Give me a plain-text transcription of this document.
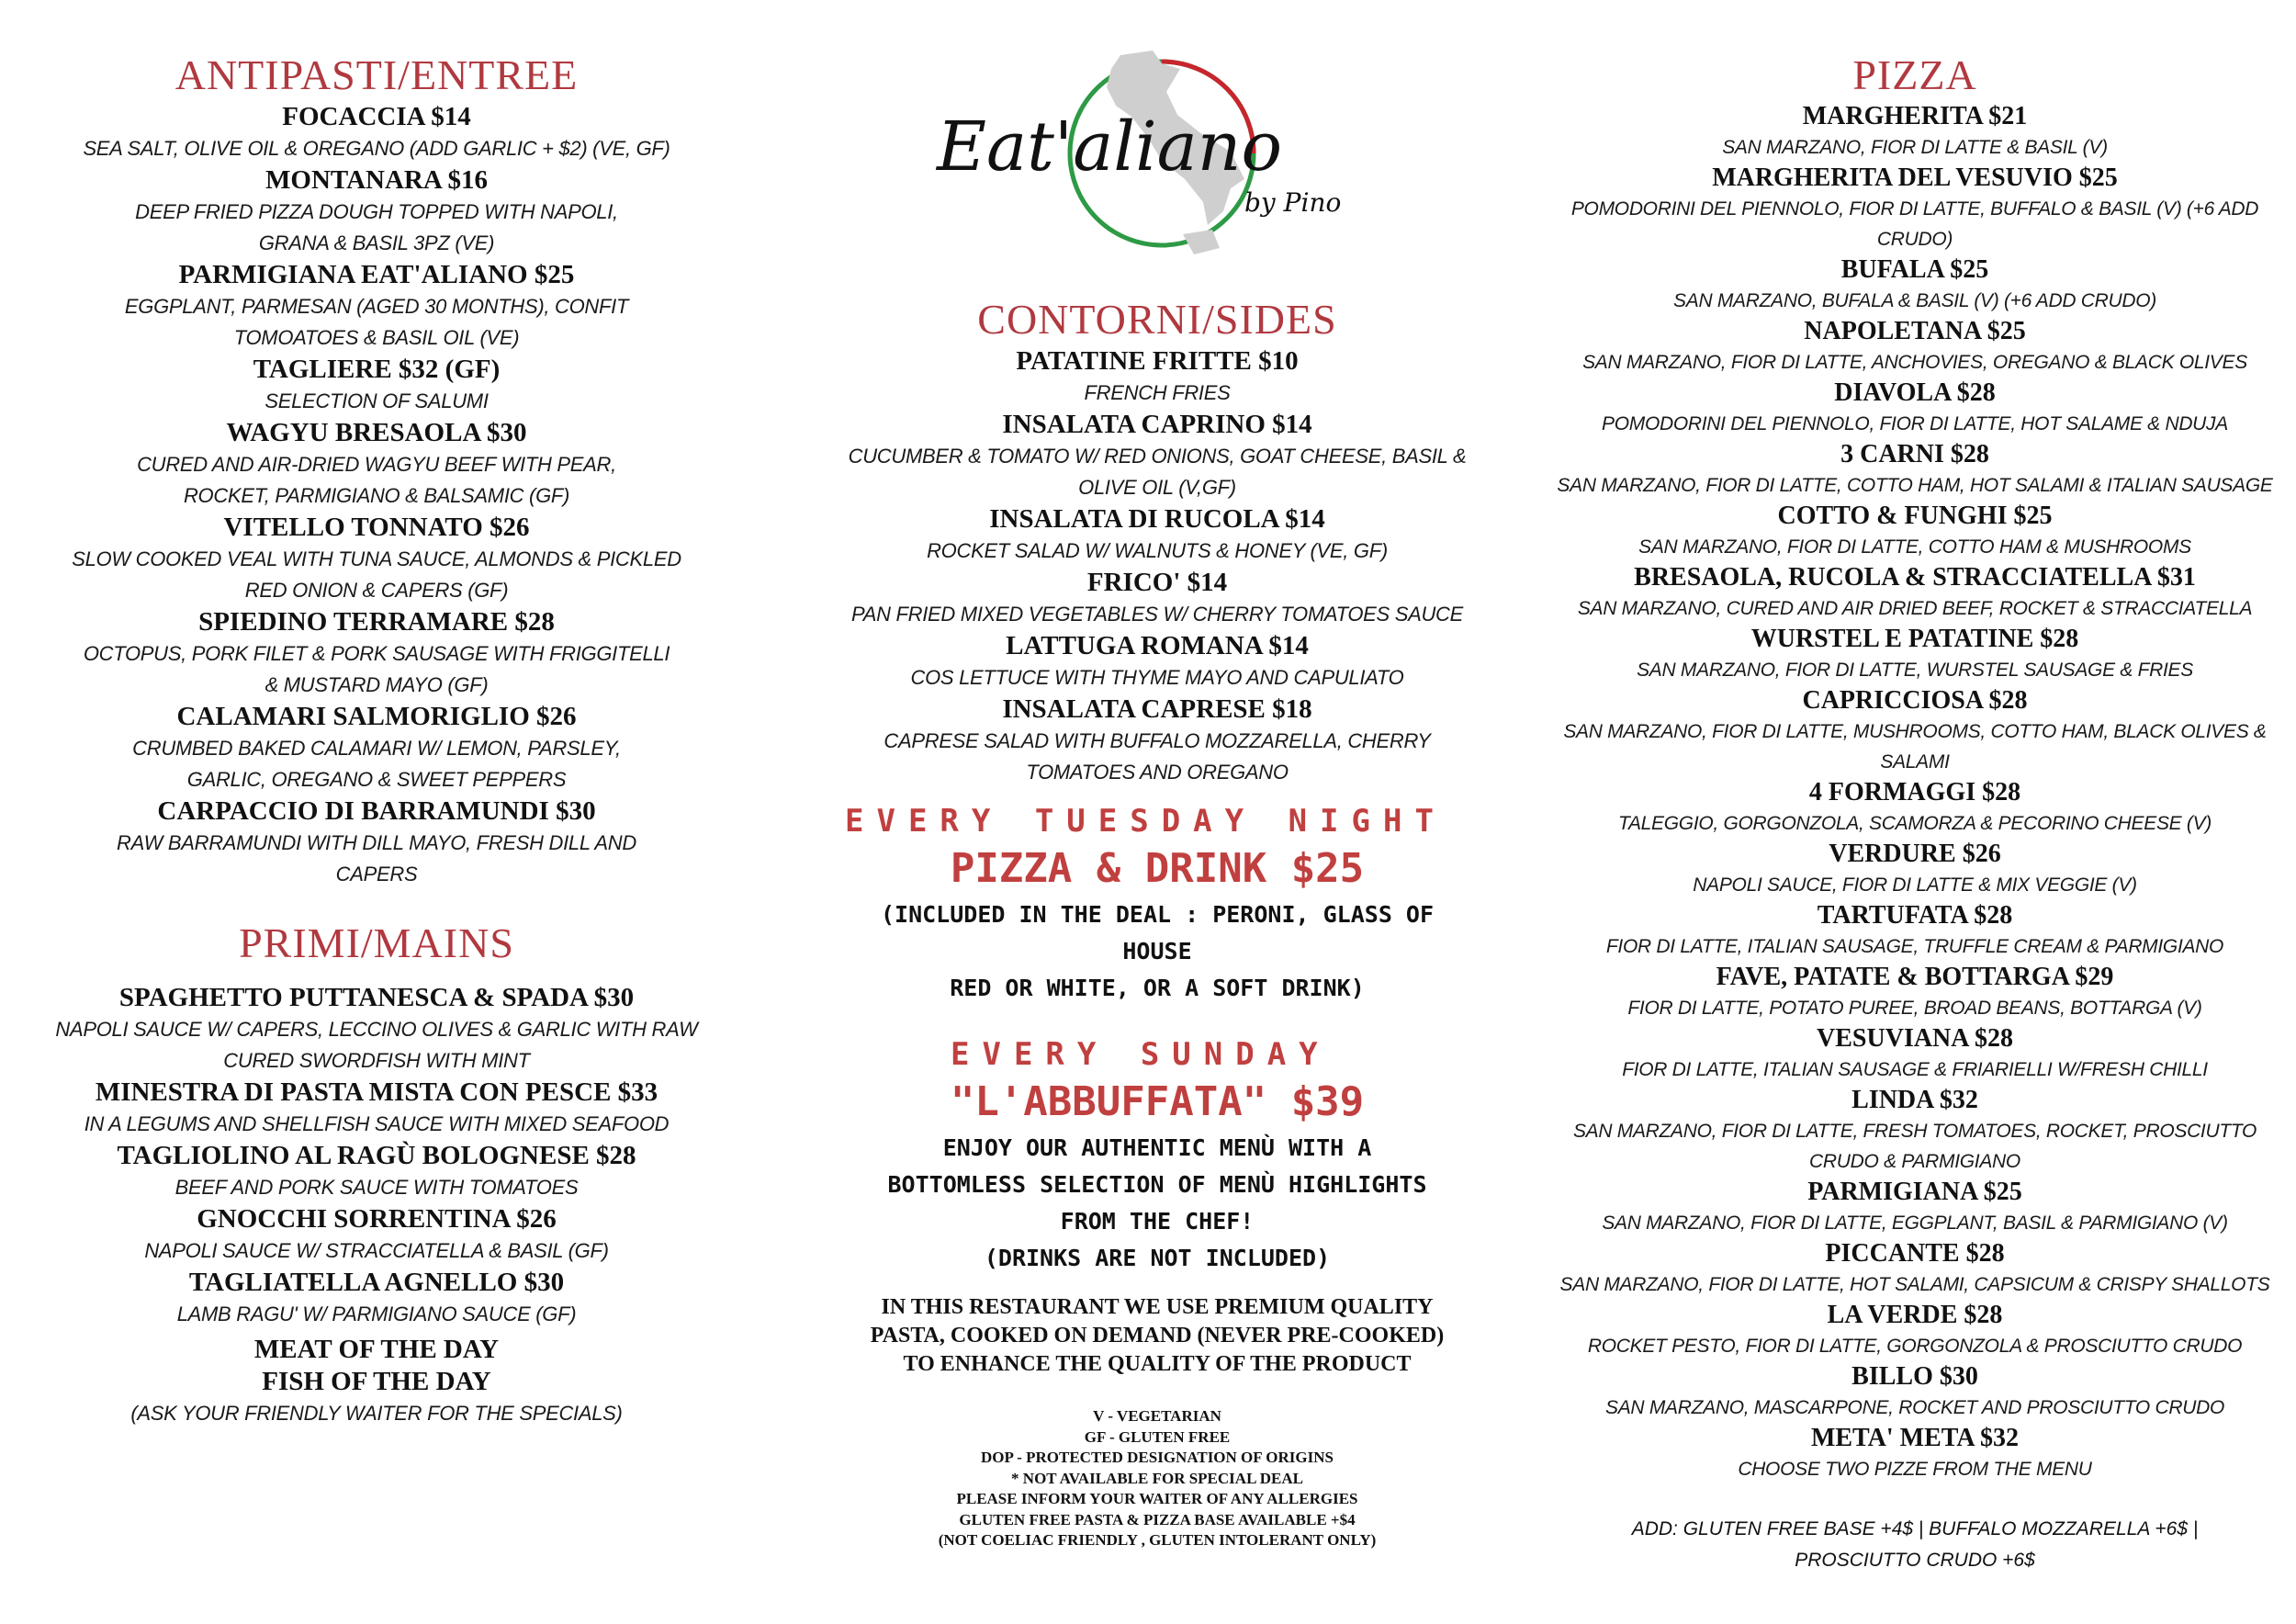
ANTIPASTI/ENTREE

FOCACCIA $14

SEA SALT, OLIVE OIL & OREGANO (ADD GARLIC + $2) (VE, GF)

MONTANARA $16

DEEP FRIED PIZZA DOUGH TOPPED WITH NAPOLI,

GRANA & BASIL 3PZ (VE)

PARMIGIANA EAT'ALIANO $25

EGGPLANT, PARMESAN (AGED 30 MONTHS), CONFIT

TOMOATOES & BASIL OIL (VE)

TAGLIERE $32 (GF)

SELECTION OF SALUMI

WAGYU BRESAOLA $30

CURED AND AIR-DRIED WAGYU BEEF WITH PEAR,

ROCKET, PARMIGIANO & BALSAMIC (GF)

VITELLO TONNATO $26

SLOW COOKED VEAL WITH TUNA SAUCE, ALMONDS & PICKLED

RED ONION & CAPERS (GF)

SPIEDINO TERRAMARE $28

OCTOPUS, PORK FILET & PORK SAUSAGE WITH FRIGGITELLI

& MUSTARD MAYO (GF)

CALAMARI SALMORIGLIO $26

CRUMBED BAKED CALAMARI W/ LEMON, PARSLEY,

GARLIC, OREGANO & SWEET PEPPERS

CARPACCIO DI BARRAMUNDI $30

RAW BARRAMUNDI WITH DILL MAYO, FRESH DILL AND

CAPERS

PRIMI/MAINS

SPAGHETTO PUTTANESCA & SPADA $30

NAPOLI SAUCE W/ CAPERS, LECCINO OLIVES & GARLIC WITH RAW

CURED SWORDFISH WITH MINT

MINESTRA DI PASTA MISTA CON PESCE $33

IN A LEGUMS AND SHELLFISH SAUCE WITH MIXED SEAFOOD

TAGLIOLINO AL RAGÙ BOLOGNESE $28

BEEF AND PORK SAUCE WITH TOMATOES

GNOCCHI SORRENTINA $26

NAPOLI SAUCE W/ STRACCIATELLA & BASIL (GF)

TAGLIATELLA AGNELLO $30

LAMB RAGU' W/ PARMIGIANO SAUCE (GF)

MEAT OF THE DAY

FISH OF THE DAY

(ASK YOUR FRIENDLY WAITER FOR THE SPECIALS)

Eat'aliano
by Pino
CONTORNI/SIDES

PATATINE FRITTE $10

FRENCH FRIES

INSALATA CAPRINO $14

CUCUMBER & TOMATO W/ RED ONIONS, GOAT CHEESE, BASIL &

OLIVE OIL (V,GF)

INSALATA DI RUCOLA $14

ROCKET SALAD W/ WALNUTS & HONEY (VE, GF)

FRICO' $14

PAN FRIED MIXED VEGETABLES W/ CHERRY TOMATOES SAUCE

LATTUGA ROMANA $14

COS LETTUCE WITH THYME MAYO AND CAPULIATO

INSALATA CAPRESE $18

CAPRESE SALAD WITH BUFFALO MOZZARELLA, CHERRY

TOMATOES AND OREGANO

EVERY TUESDAY NIGHT

PIZZA & DRINK $25

(INCLUDED IN THE DEAL : PERONI, GLASS OF

HOUSE

RED OR WHITE, OR A SOFT DRINK)

EVERY SUNDAY

"L'ABBUFFATA" $39

ENJOY OUR AUTHENTIC MENÙ WITH A

BOTTOMLESS SELECTION OF MENÙ HIGHLIGHTS

FROM THE CHEF!

(DRINKS ARE NOT INCLUDED)

IN THIS RESTAURANT WE USE PREMIUM QUALITY

PASTA, COOKED ON DEMAND (NEVER PRE-COOKED)

TO ENHANCE THE QUALITY OF THE PRODUCT

V - VEGETARIAN

GF - GLUTEN FREE

DOP - PROTECTED DESIGNATION OF ORIGINS

* NOT AVAILABLE FOR SPECIAL DEAL

PLEASE INFORM YOUR WAITER OF ANY ALLERGIES

GLUTEN FREE PASTA & PIZZA BASE AVAILABLE +$4

(NOT COELIAC FRIENDLY , GLUTEN INTOLERANT ONLY)

PIZZA

MARGHERITA $21

SAN MARZANO, FIOR DI LATTE & BASIL (V)

MARGHERITA DEL VESUVIO $25

POMODORINI DEL PIENNOLO, FIOR DI LATTE, BUFFALO & BASIL (V) (+6 ADD

CRUDO)

BUFALA $25

SAN MARZANO, BUFALA & BASIL (V) (+6 ADD CRUDO)

NAPOLETANA $25

SAN MARZANO, FIOR DI LATTE, ANCHOVIES, OREGANO & BLACK OLIVES

DIAVOLA $28

POMODORINI DEL PIENNOLO, FIOR DI LATTE, HOT SALAME & NDUJA

3 CARNI $28

SAN MARZANO, FIOR DI LATTE, COTTO HAM, HOT SALAMI & ITALIAN SAUSAGE

COTTO & FUNGHI $25

SAN MARZANO, FIOR DI LATTE, COTTO HAM & MUSHROOMS

BRESAOLA, RUCOLA & STRACCIATELLA $31

SAN MARZANO, CURED AND AIR DRIED BEEF, ROCKET & STRACCIATELLA

WURSTEL E PATATINE $28

SAN MARZANO, FIOR DI LATTE, WURSTEL SAUSAGE & FRIES

CAPRICCIOSA $28

SAN MARZANO, FIOR DI LATTE, MUSHROOMS, COTTO HAM, BLACK OLIVES &

SALAMI

4 FORMAGGI $28

TALEGGIO, GORGONZOLA, SCAMORZA & PECORINO CHEESE (V)

VERDURE $26

NAPOLI SAUCE, FIOR DI LATTE & MIX VEGGIE (V)

TARTUFATA $28

FIOR DI LATTE, ITALIAN SAUSAGE, TRUFFLE CREAM & PARMIGIANO

FAVE, PATATE & BOTTARGA $29

FIOR DI LATTE, POTATO PUREE, BROAD BEANS, BOTTARGA (V)

VESUVIANA $28

FIOR DI LATTE, ITALIAN SAUSAGE & FRIARIELLI W/FRESH CHILLI

LINDA $32

SAN MARZANO, FIOR DI LATTE, FRESH TOMATOES, ROCKET, PROSCIUTTO

CRUDO & PARMIGIANO

PARMIGIANA $25

SAN MARZANO, FIOR DI LATTE, EGGPLANT, BASIL & PARMIGIANO (V)

PICCANTE $28

SAN MARZANO, FIOR DI LATTE, HOT SALAMI, CAPSICUM & CRISPY SHALLOTS

LA VERDE $28

ROCKET PESTO, FIOR DI LATTE, GORGONZOLA & PROSCIUTTO CRUDO

BILLO $30

SAN MARZANO, MASCARPONE, ROCKET AND PROSCIUTTO CRUDO

META' META $32

CHOOSE TWO PIZZE FROM THE MENU

ADD: GLUTEN FREE BASE +4$ | BUFFALO MOZZARELLA +6$ |

PROSCIUTTO CRUDO +6$
